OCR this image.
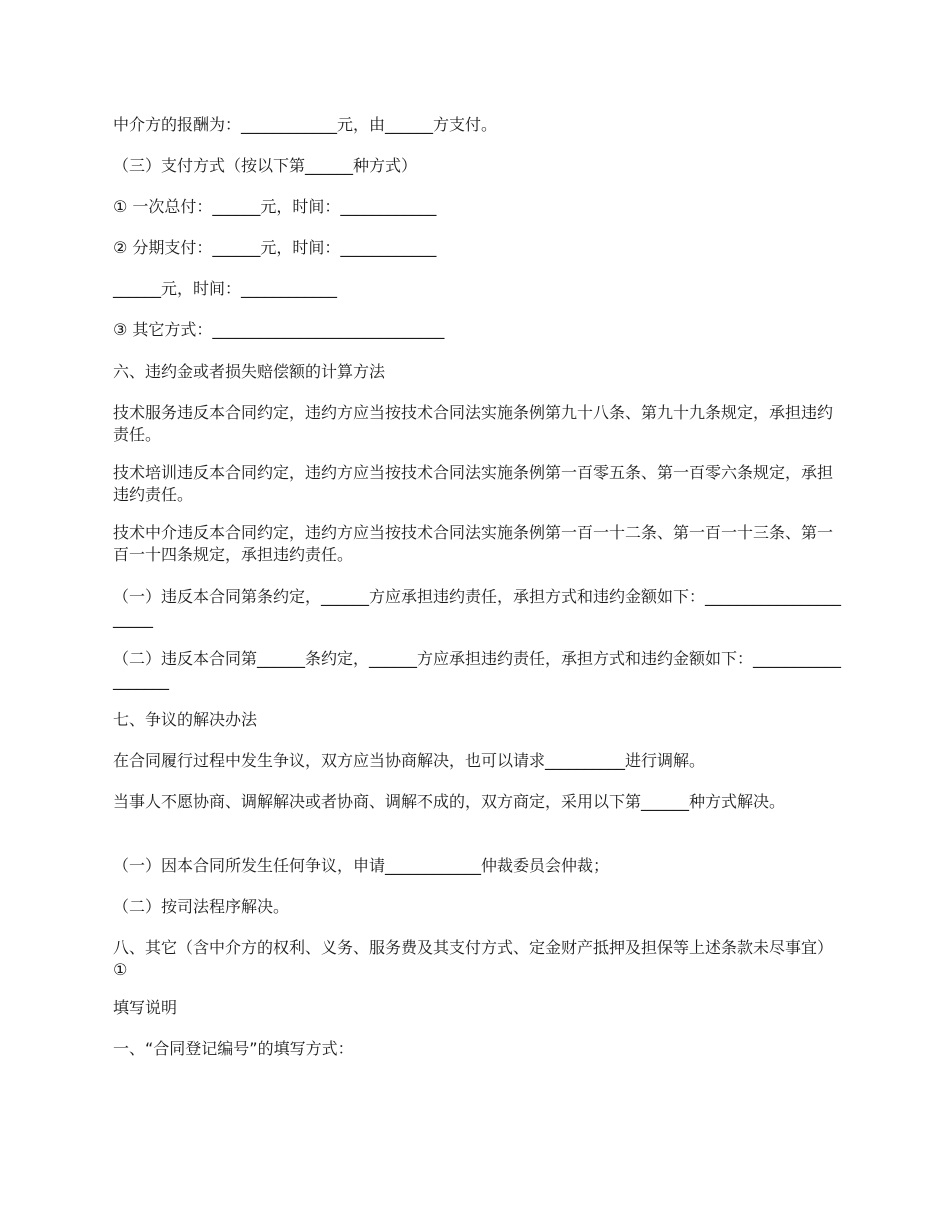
中介方的报酬为：____________元，由______方支付。

（三）支付方式（按以下第______种方式）

① 一次总付：______元，时间：____________

② 分期支付：______元，时间：____________

______元，时间：____________

③ 其它方式：_____________________________

六、违约金或者损失赔偿额的计算方法

技术服务违反本合同约定，违约方应当按技术合同法实施条例第九十八条、第九十九条规定，承担违约责任。

技术培训违反本合同约定，违约方应当按技术合同法实施条例第一百零五条、第一百零六条规定，承担违约责任。

技术中介违反本合同约定，违约方应当按技术合同法实施条例第一百一十二条、第一百一十三条、第一百一十四条规定，承担违约责任。

（一）违反本合同第条约定，______方应承担违约责任，承担方式和违约金额如下：______________________

（二）违反本合同第______条约定，______方应承担违约责任，承担方式和违约金额如下：__________________

七、争议的解决办法

在合同履行过程中发生争议，双方应当协商解决，也可以请求__________进行调解。

当事人不愿协商、调解解决或者协商、调解不成的，双方商定，采用以下第______种方式解决。

（一）因本合同所发生任何争议，申请____________仲裁委员会仲裁；

（二）按司法程序解决。

八、其它（含中介方的权利、义务、服务费及其支付方式、定金财产抵押及担保等上述条款未尽事宜）①

填写说明

一、“合同登记编号”的填写方式：
